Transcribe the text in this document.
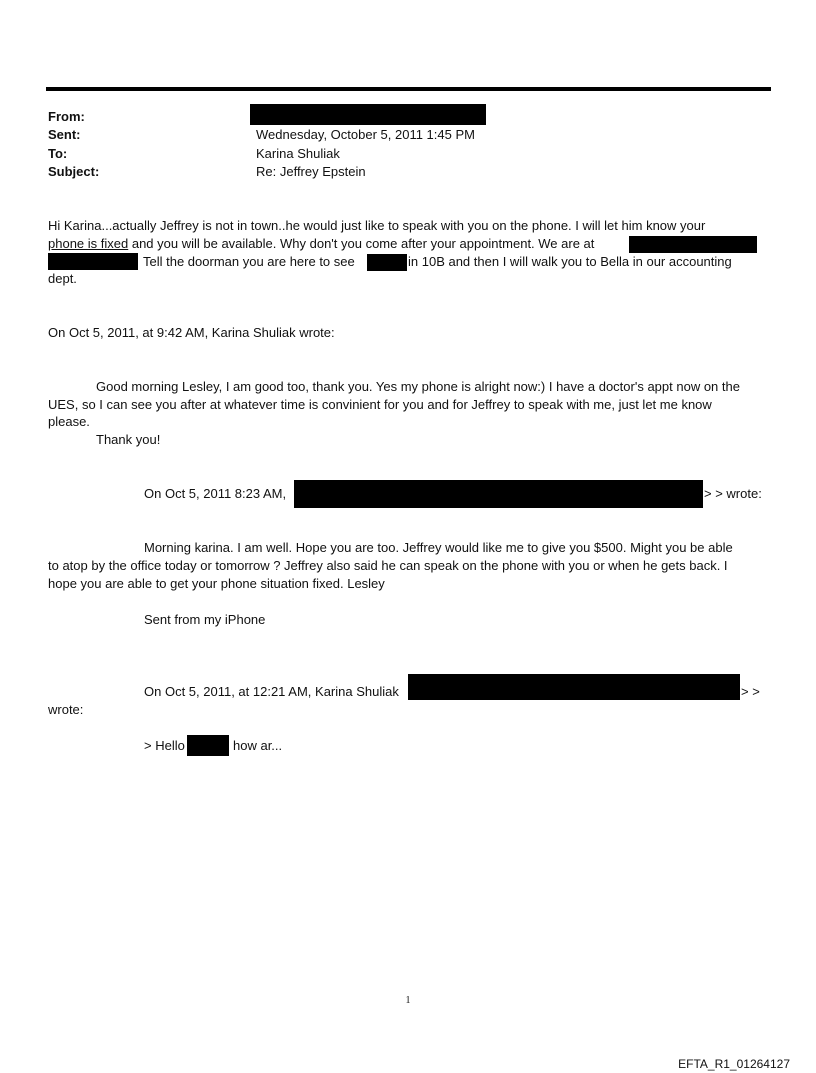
From:
Sent:	Wednesday, October 5, 2011 1:45 PM
To:	Karina Shuliak
Subject:	Re: Jeffrey Epstein
Hi Karina...actually Jeffrey is not in town..he would just like to speak with you on the phone. I will let him know your
phone is fixed and you will be available. Why don't you come after your appointment. We are at
Tell the doorman you are here to see	in 10B and then I will walk you to Bella in our accounting
dept.
On Oct 5, 2011, at 9:42 AM, Karina Shuliak wrote:
Good morning Lesley, I am good too, thank you. Yes my phone is alright now:) I have a doctor's appt now on the
UES, so I can see you after at whatever time is convinient for you and for Jeffrey to speak with me, just let me know
please.
Thank you!
On Oct 5, 2011 8:23 AM,	> > wrote:
Morning karina. I am well. Hope you are too. Jeffrey would like me to give you $500. Might you be able
to atop by the office today or tomorrow ? Jeffrey also said he can speak on the phone with you or when he gets back. I
hope you are able to get your phone situation fixed. Lesley
Sent from my iPhone
On Oct 5, 2011, at 12:21 AM, Karina Shuliak	> >
wrote:
> Hello	how ar...
1
EFTA_R1_01264127
